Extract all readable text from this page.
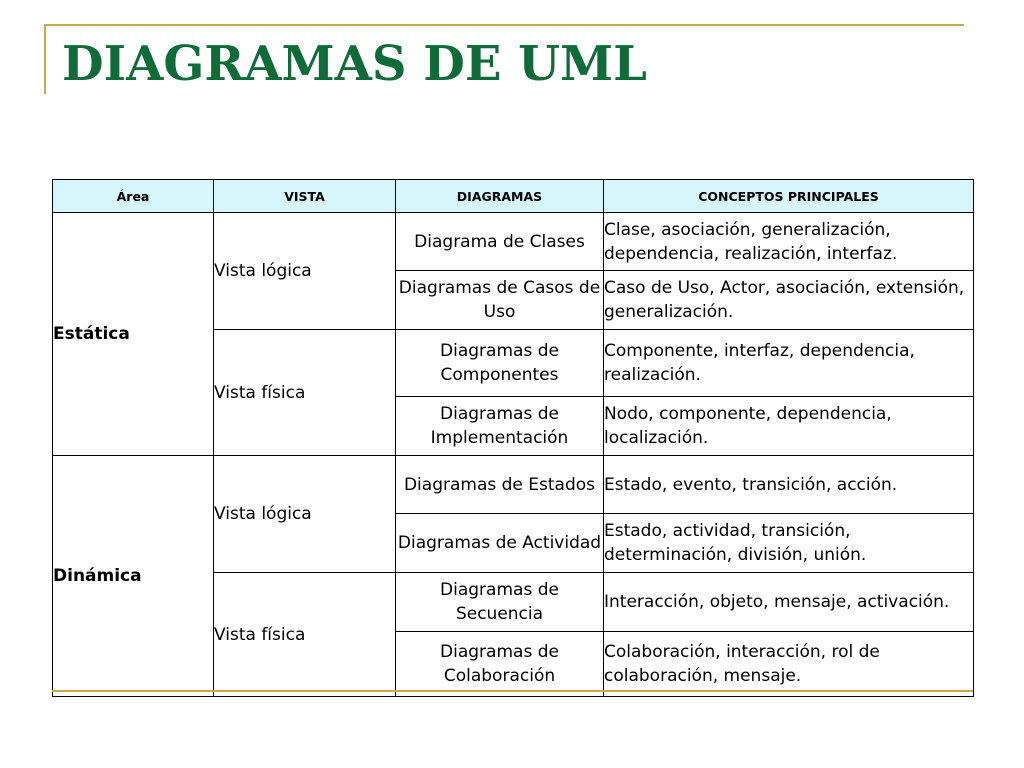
DIAGRAMAS DE UML
Área	VISTA	DIAGRAMAS	CONCEPTOS PRINCIPALES
Estática	Vista lógica	Diagrama de Clases	Clase, asociación, generalización, dependencia, realización, interfaz.
		Diagramas de Casos de Uso	Caso de Uso, Actor, asociación, extensión, generalización.
	Vista física	Diagramas de Componentes	Componente, interfaz, dependencia, realización.
		Diagramas de Implementación	Nodo, componente, dependencia, localización.
Dinámica	Vista lógica	Diagramas de Estados	Estado, evento, transición, acción.
		Diagramas de Actividad	Estado, actividad, transición, determinación, división, unión.
	Vista física	Diagramas de Secuencia	Interacción, objeto, mensaje, activación.
		Diagramas de Colaboración	Colaboración, interacción, rol de colaboración, mensaje.
